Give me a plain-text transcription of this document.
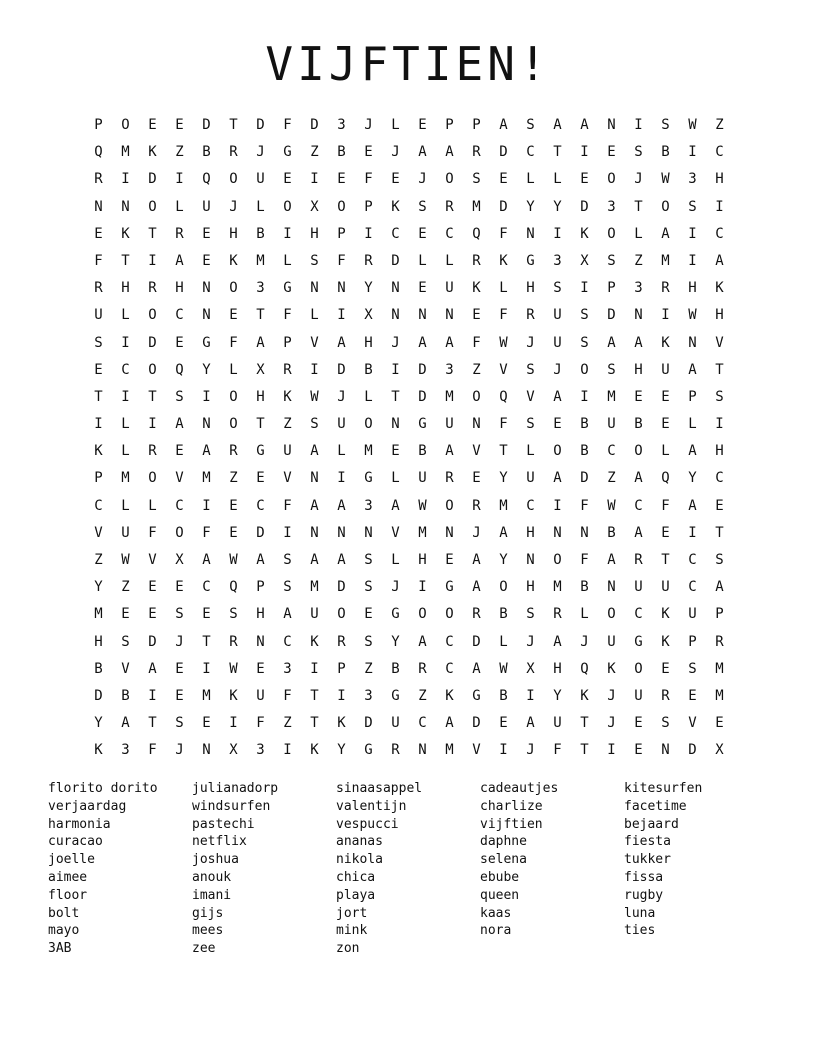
VIJFTIEN!
P O E E D T D F D 3 J L E P P A S A A N I S W Z
Q M K Z B R J G Z B E J A A R D C T I E S B I C
R I D I Q O U E I E F E J O S E L L E O J W 3 H
N N O L U J L O X O P K S R M D Y Y D 3 T O S I
E K T R E H B I H P I C E C Q F N I K O L A I C
F T I A E K M L S F R D L L R K G 3 X S Z M I A
R H R H N O 3 G N N Y N E U K L H S I P 3 R H K
U L O C N E T F L I X N N N E F R U S D N I W H
S I D E G F A P V A H J A A F W J U S A A K N V
E C O Q Y L X R I D B I D 3 Z V S J O S H U A T
T I T S I O H K W J L T D M O Q V A I M E E P S
I L I A N O T Z S U O N G U N F S E B U B E L I
K L R E A R G U A L M E B A V T L O B C O L A H
P M O V M Z E V N I G L U R E Y U A D Z A Q Y C
C L L C I E C F A A 3 A W O R M C I F W C F A E
V U F O F E D I N N N V M N J A H N N B A E I T
Z W V X A W A S A A S L H E A Y N O F A R T C S
Y Z E E C Q P S M D S J I G A O H M B N U U C A
M E E S E S H A U O E G O O R B S R L O C K U P
H S D J T R N C K R S Y A C D L J A J U G K P R
B V A E I W E 3 I P Z B R C A W X H Q K O E S M
D B I E M K U F T I 3 G Z K G B I Y K J U R E M
Y A T S E I F Z T K D U C A D E A U T J E S V E
K 3 F J N X 3 I K Y G R N M V I J F T I E N D X
florito dorito
verjaardag
harmonia
curacao
joelle
aimee
floor
bolt
mayo
3AB
julianadorp
windsurfen
pastechi
netflix
joshua
anouk
imani
gijs
mees
zee
sinaasappel
valentijn
vespucci
ananas
nikola
chica
playa
jort
mink
zon
cadeautjes
charlize
vijftien
daphne
selena
ebube
queen
kaas
nora
kitesurfen
facetime
bejaard
fiesta
tukker
fissa
rugby
luna
ties
